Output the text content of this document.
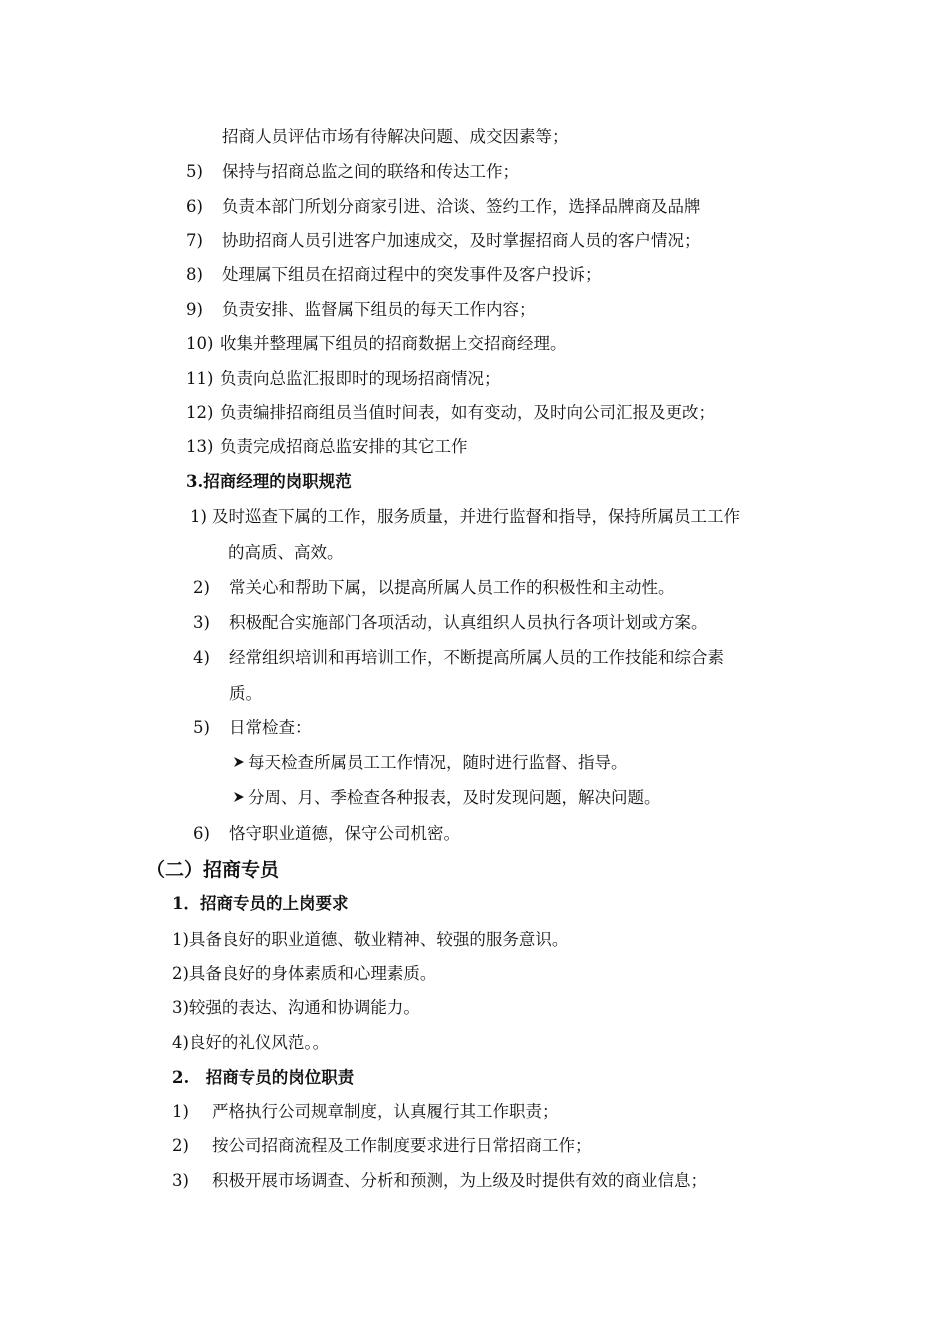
招商人员评估市场有待解决问题、成交因素等；
5) 保持与招商总监之间的联络和传达工作；
6) 负责本部门所划分商家引进、洽谈、签约工作，选择品牌商及品牌
7) 协助招商人员引进客户加速成交，及时掌握招商人员的客户情况；
8) 处理属下组员在招商过程中的突发事件及客户投诉；
9) 负责安排、监督属下组员的每天工作内容；
10) 收集并整理属下组员的招商数据上交招商经理。
11) 负责向总监汇报即时的现场招商情况；
12) 负责编排招商组员当值时间表，如有变动，及时向公司汇报及更改；
13) 负责完成招商总监安排的其它工作
3.招商经理的岗职规范
1) 及时巡查下属的工作，服务质量，并进行监督和指导，保持所属员工工作
的高质、高效。
2) 常关心和帮助下属，以提高所属人员工作的积极性和主动性。
3) 积极配合实施部门各项活动，认真组织人员执行各项计划或方案。
4) 经常组织培训和再培训工作，不断提高所属人员的工作技能和综合素
质。
5) 日常检查：
每天检查所属员工工作情况，随时进行监督、指导。
分周、月、季检查各种报表，及时发现问题，解决问题。
6) 恪守职业道德，保守公司机密。
（二）招商专员
1．招商专员的上岗要求
1)具备良好的职业道德、敬业精神、较强的服务意识。
2)具备良好的身体素质和心理素质。
3)较强的表达、沟通和协调能力。
4)良好的礼仪风范。。
2.　招商专员的岗位职责
1) 严格执行公司规章制度，认真履行其工作职责；
2) 按公司招商流程及工作制度要求进行日常招商工作；
3) 积极开展市场调查、分析和预测，为上级及时提供有效的商业信息；
